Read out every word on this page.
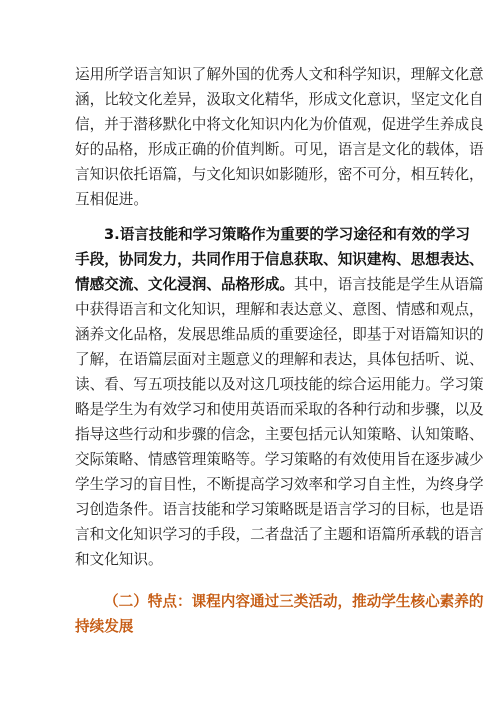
运用所学语言知识了解外国的优秀人文和科学知识，理解文化意
涵，比较文化差异，汲取文化精华，形成文化意识，坚定文化自
信，并于潜移默化中将文化知识内化为价值观，促进学生养成良
好的品格，形成正确的价值判断。可见，语言是文化的载体，语
言知识依托语篇，与文化知识如影随形，密不可分，相互转化，
互相促进。
3.语言技能和学习策略作为重要的学习途径和有效的学习
手段，协同发力，共同作用于信息获取、知识建构、思想表达、
情感交流、文化浸润、品格形成。其中，语言技能是学生从语篇
中获得语言和文化知识，理解和表达意义、意图、情感和观点，
涵养文化品格，发展思维品质的重要途径，即基于对语篇知识的
了解，在语篇层面对主题意义的理解和表达，具体包括听、说、
读、看、写五项技能以及对这几项技能的综合运用能力。学习策
略是学生为有效学习和使用英语而采取的各种行动和步骤，以及
指导这些行动和步骤的信念，主要包括元认知策略、认知策略、
交际策略、情感管理策略等。学习策略的有效使用旨在逐步减少
学生学习的盲目性，不断提高学习效率和学习自主性，为终身学
习创造条件。语言技能和学习策略既是语言学习的目标，也是语
言和文化知识学习的手段，二者盘活了主题和语篇所承载的语言
和文化知识。
（二）特点：课程内容通过三类活动，推动学生核心素养的
持续发展
